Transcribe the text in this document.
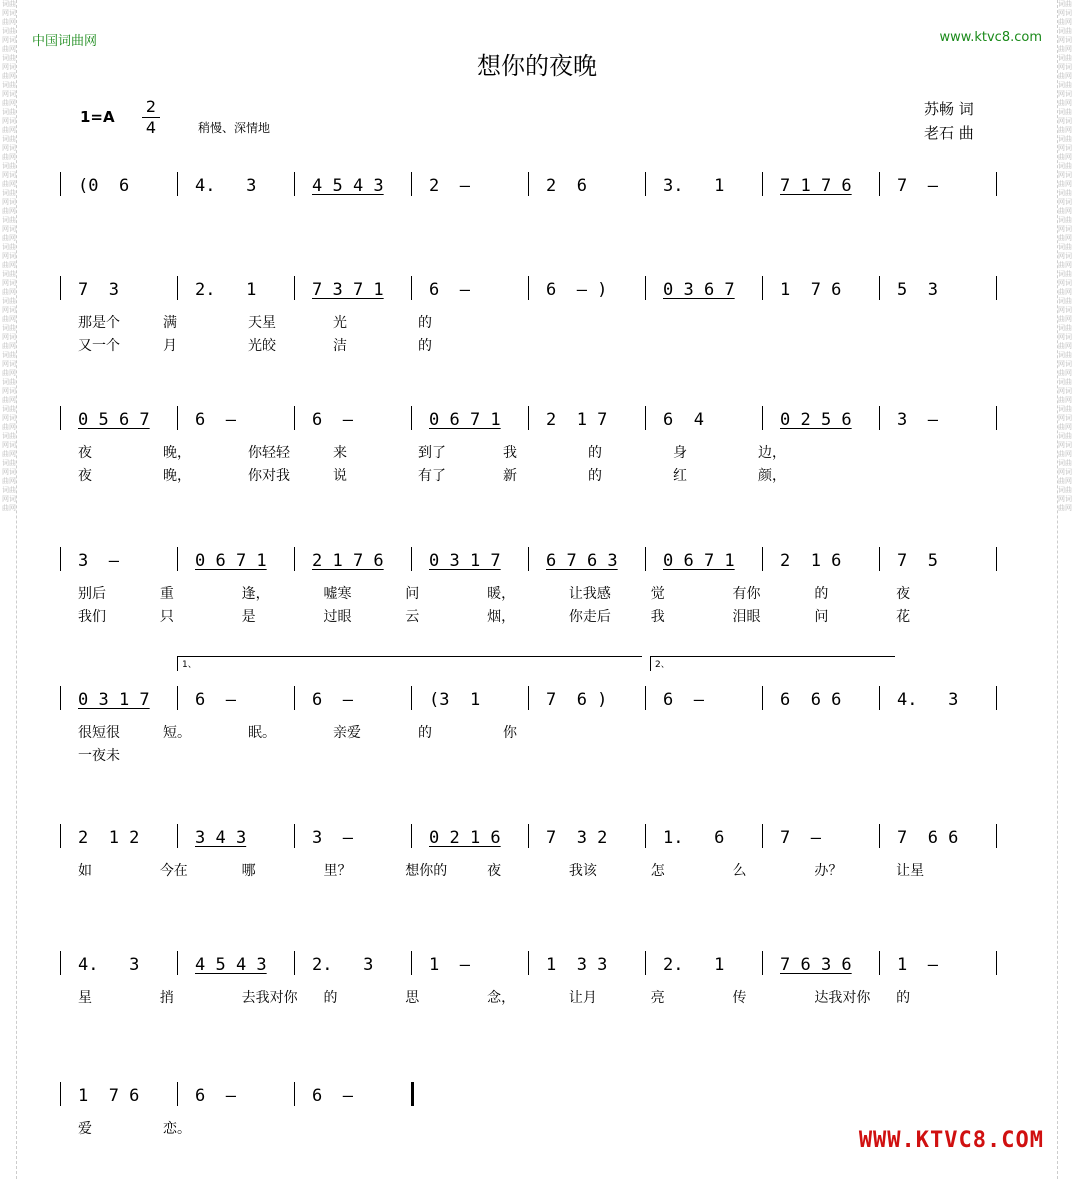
词曲网词曲网词曲网词曲网词曲网词曲网词曲网词曲网词曲网词曲网词曲网词曲网词曲网词曲网词曲网词曲网词曲网词曲网词曲网词曲网词曲网词曲网词曲网词曲网词曲网词曲网词曲网词曲网词曲网词曲网词曲网词曲网词曲网词曲网词曲网词曲网词曲网词曲网
词曲网词曲网词曲网词曲网词曲网词曲网词曲网词曲网词曲网词曲网词曲网词曲网词曲网词曲网词曲网词曲网词曲网词曲网词曲网词曲网词曲网词曲网词曲网词曲网词曲网词曲网词曲网词曲网词曲网词曲网词曲网词曲网词曲网词曲网词曲网词曲网词曲网词曲网
中国词曲网	www.ktvc8.com
想你的夜晚
1=A
2
4	稍慢、深情地
苏畅 词
老石 曲
(0  6	4.   3	4 5 4 3	2  –	2  6	3.   1	7 1 7 6	7  –
7  3	2.   1	7 3 7 1	6  –	6  – )	0 3 6 7	1  7 6	5  3
那是个	满	天星	光	的
又一个	月	光皎	洁	的
0 5 6 7	6  –	6  –	0 6 7 1	2  1 7	6  4	0 2 5 6	3  –
夜	晚，	你轻轻	来	到了	我	的	身	边，
夜	晚，	你对我	说	有了	新	的	红	颜，
3  –	0 6 7 1	2 1 7 6	0 3 1 7	6 7 6 3	0 6 7 1	2  1 6	7  5
别后	重	逢，	嘘寒	问	暖，	让我感	觉	有你	的	夜
我们	只	是	过眼	云	烟，	你走后	我	泪眼	问	花
0 3 1 7	6  –	6  –	(3  1	7  6 )	6  –	6  6 6	4.   3
1、	2、
很短很	短。	眠。	亲爱	的	你
一夜未
2  1 2	3 4 3	3  –	0 2 1 6	7  3 2	1.   6	7  –	7  6 6
如	今在	哪	里？	想你的	夜	我该	怎	么	办？	让星
4.   3	4 5 4 3	2.   3	1  –	1  3 3	2.   1	7 6 3 6	1  –
星	捎	去我对你 的	思	念，	让月	亮	传	达我对你 的
1  7 6	6  –	6  –
爱	恋。	WWW.KTVC8.COM
